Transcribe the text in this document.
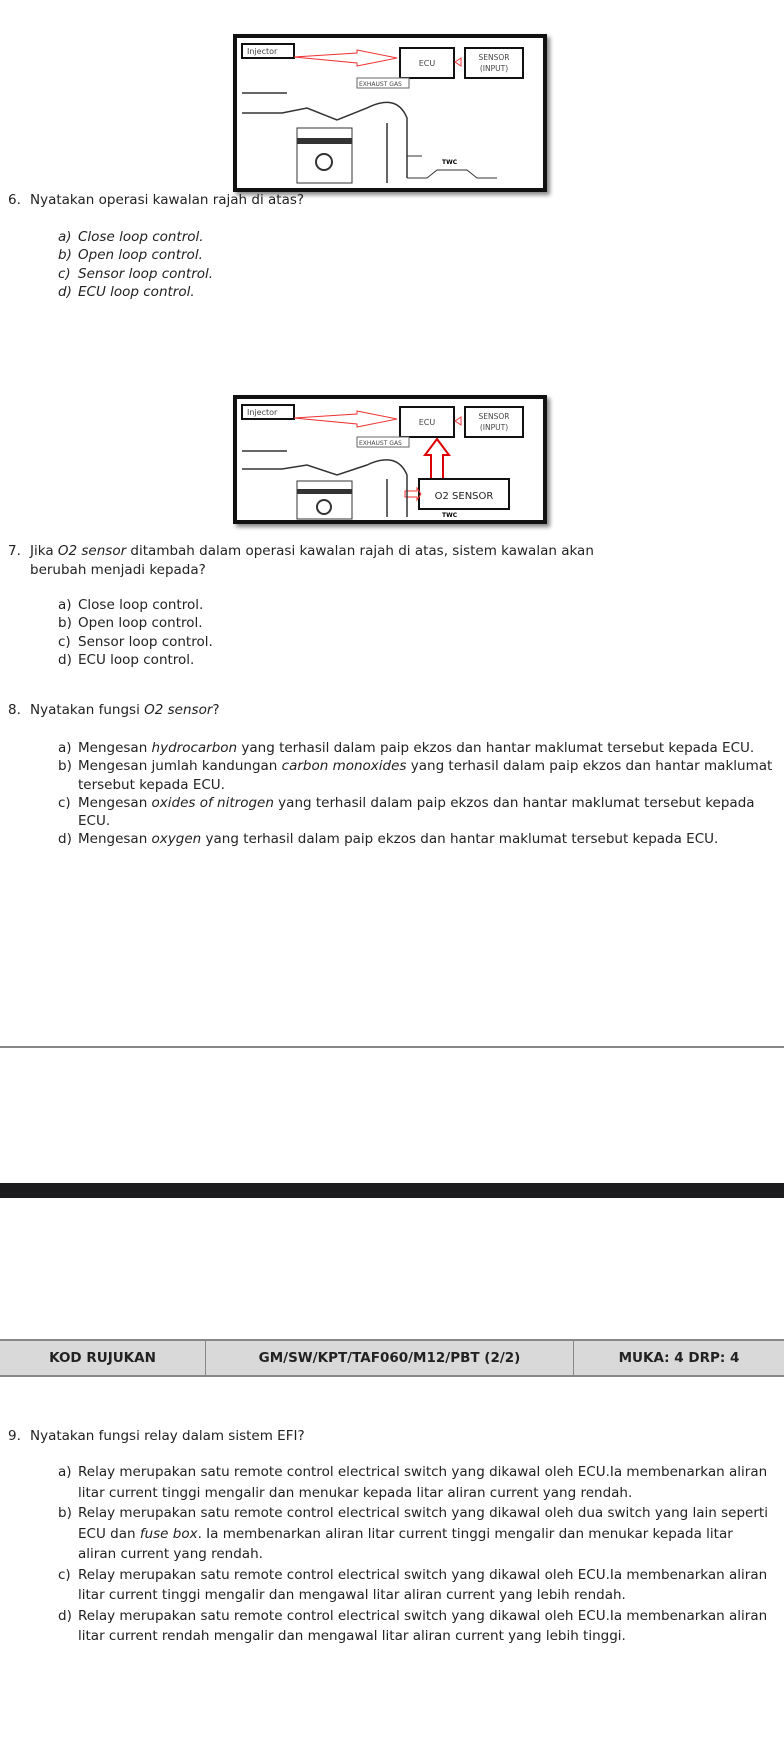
Injector
ECU
SENSOR
(INPUT)
EXHAUST GAS
TWC
6. Nyatakan operasi kawalan rajah di atas?
a) Close loop control.
b) Open loop control.
c) Sensor loop control.
d) ECU loop control.
Injector
ECU
SENSOR
(INPUT)
EXHAUST GAS
O2 SENSOR
TWC
7. Jika O2 sensor ditambah dalam operasi kawalan rajah di atas, sistem kawalan akan
berubah menjadi kepada?
a) Close loop control.
b) Open loop control.
c) Sensor loop control.
d) ECU loop control.
8. Nyatakan fungsi O2 sensor?
a) Mengesan hydrocarbon yang terhasil dalam paip ekzos dan hantar maklumat tersebut kepada ECU.
b) Mengesan jumlah kandungan carbon monoxides yang terhasil dalam paip ekzos dan hantar maklumat tersebut kepada ECU.
c) Mengesan oxides of nitrogen yang terhasil dalam paip ekzos dan hantar maklumat tersebut kepada ECU.
d) Mengesan oxygen yang terhasil dalam paip ekzos dan hantar maklumat tersebut kepada ECU.
KOD RUJUKAN	GM/SW/KPT/TAF060/M12/PBT (2/2)	MUKA: 4 DRP: 4
9. Nyatakan fungsi relay dalam sistem EFI?
a) Relay merupakan satu remote control electrical switch yang dikawal oleh ECU.Ia membenarkan aliran litar current tinggi mengalir dan menukar kepada litar aliran current yang rendah.
b) Relay merupakan satu remote control electrical switch yang dikawal oleh dua switch yang lain seperti ECU dan fuse box. Ia membenarkan aliran litar current tinggi mengalir dan menukar kepada litar aliran current yang rendah.
c) Relay merupakan satu remote control electrical switch yang dikawal oleh ECU.Ia membenarkan aliran litar current tinggi mengalir dan mengawal litar aliran current yang lebih rendah.
d) Relay merupakan satu remote control electrical switch yang dikawal oleh ECU.Ia membenarkan aliran litar current rendah mengalir dan mengawal litar aliran current yang lebih tinggi.
